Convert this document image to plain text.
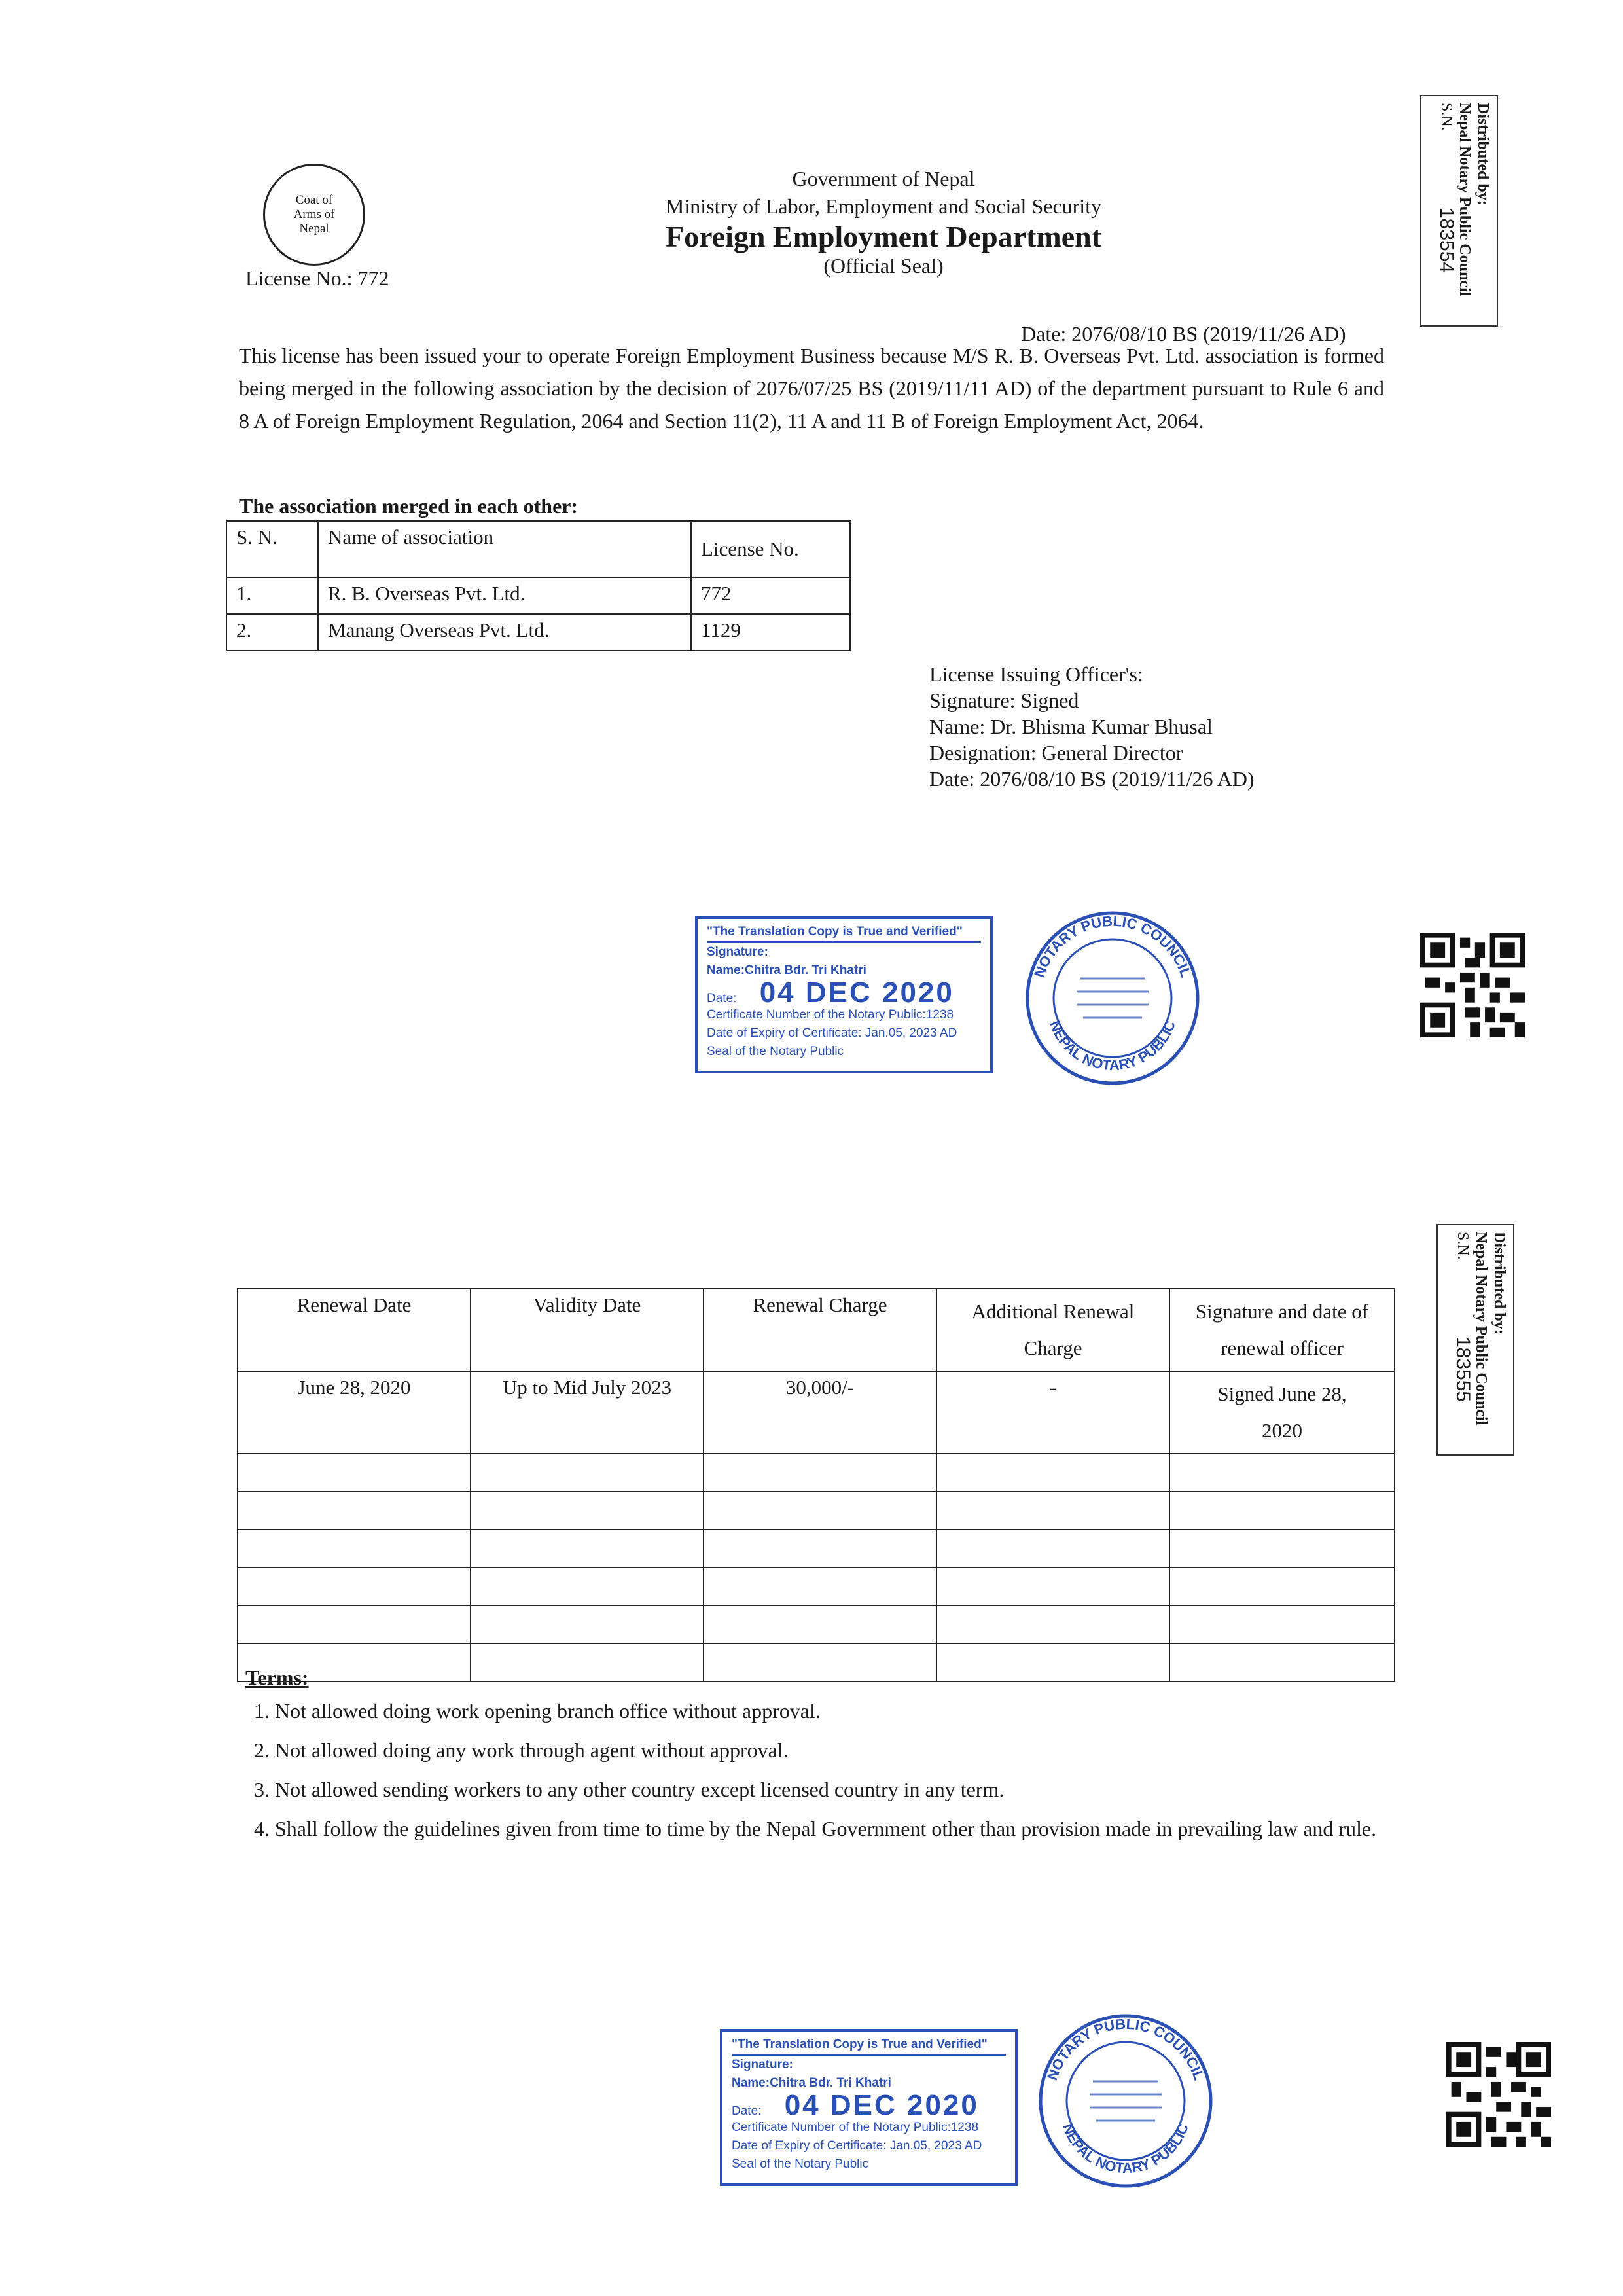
Coat of
Arms of
Nepal
Government of Nepal
Ministry of Labor, Employment and Social Security
Foreign Employment Department
(Official Seal)
License No.: 772
Date: 2076/08/10 BS (2019/11/26 AD)
This license has been issued your to operate Foreign Employment Business because M/S R. B. Overseas Pvt. Ltd. association is formed being merged in the following association by the decision of 2076/07/25 BS (2019/11/11 AD) of the department pursuant to Rule 6 and 8 A of Foreign Employment Regulation, 2064 and Section 11(2), 11 A and 11 B of Foreign Employment Act, 2064.
The association merged in each other:
S. N.	Name of association	License No.
1.	R. B. Overseas Pvt. Ltd.	772
2.	Manang Overseas Pvt. Ltd.	1129
License Issuing Officer's:
Signature: Signed
Name: Dr. Bhisma Kumar Bhusal
Designation: General Director
Date: 2076/08/10 BS (2019/11/26 AD)
Distributed by:
Nepal Notary Public Council
S.N.
183554
"The Translation Copy is True and Verified"
Signature:
Name:Chitra Bdr. Tri Khatri
Date: 04 DEC 2020
Certificate Number of the Notary Public:1238
Date of Expiry of Certificate: Jan.05, 2023 AD
Seal of the Notary Public
NOTARY PUBLIC COUNCIL
NEPAL NOTARY PUBLIC
Distributed by:
Nepal Notary Public Council
S.N.
183555
Renewal Date	Validity Date	Renewal Charge	Additional Renewal Charge	Signature and date of renewal officer
June 28, 2020	Up to Mid July 2023	30,000/-	-	Signed June 28, 2020

Terms:
1. Not allowed doing work opening branch office without approval.
2. Not allowed doing any work through agent without approval.
3. Not allowed sending workers to any other country except licensed country in any term.
4. Shall follow the guidelines given from time to time by the Nepal Government other than provision made in prevailing law and rule.
"The Translation Copy is True and Verified"
Signature:
Name:Chitra Bdr. Tri Khatri
Date: 04 DEC 2020
Certificate Number of the Notary Public:1238
Date of Expiry of Certificate: Jan.05, 2023 AD
Seal of the Notary Public
NOTARY PUBLIC COUNCIL
NEPAL NOTARY PUBLIC
